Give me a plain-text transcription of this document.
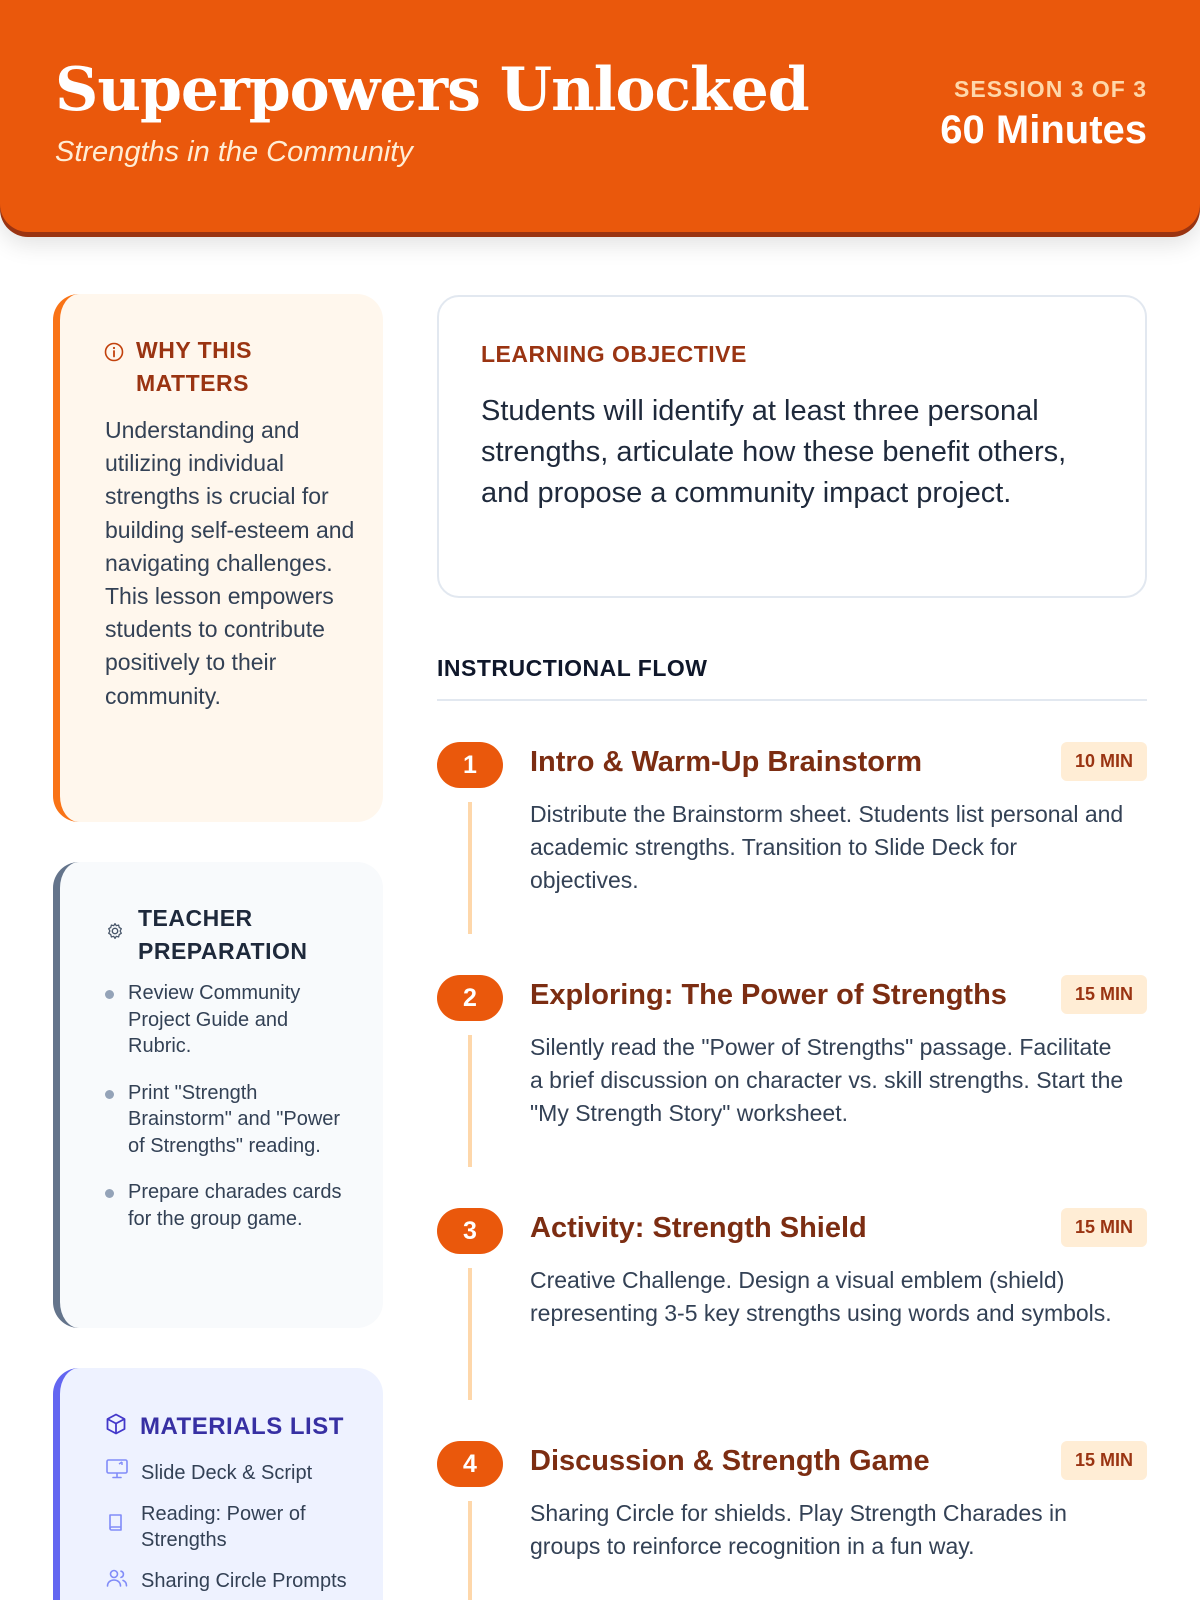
Superpowers Unlocked
Strengths in the Community
SESSION 3 OF 3
60 Minutes
WHY THIS MATTERS
Understanding and utilizing individual strengths is crucial for building self-esteem and navigating challenges. This lesson empowers students to contribute positively to their community.
TEACHER PREPARATION
Review Community Project Guide and Rubric.
Print "Strength Brainstorm" and "Power of Strengths" reading.
Prepare charades cards for the group game.
MATERIALS LIST
Slide Deck & Script
Reading: Power of Strengths
Sharing Circle Prompts
LEARNING OBJECTIVE
Students will identify at least three personal strengths, articulate how these benefit others, and propose a community impact project.
INSTRUCTIONAL FLOW
1	Intro & Warm-Up Brainstorm	10 MIN
Distribute the Brainstorm sheet. Students list personal and academic strengths. Transition to Slide Deck for objectives.
2	Exploring: The Power of Strengths	15 MIN
Silently read the "Power of Strengths" passage. Facilitate a brief discussion on character vs. skill strengths. Start the "My Strength Story" worksheet.
3	Activity: Strength Shield	15 MIN
Creative Challenge. Design a visual emblem (shield) representing 3-5 key strengths using words and symbols.
4	Discussion & Strength Game	15 MIN
Sharing Circle for shields. Play Strength Charades in groups to reinforce recognition in a fun way.
